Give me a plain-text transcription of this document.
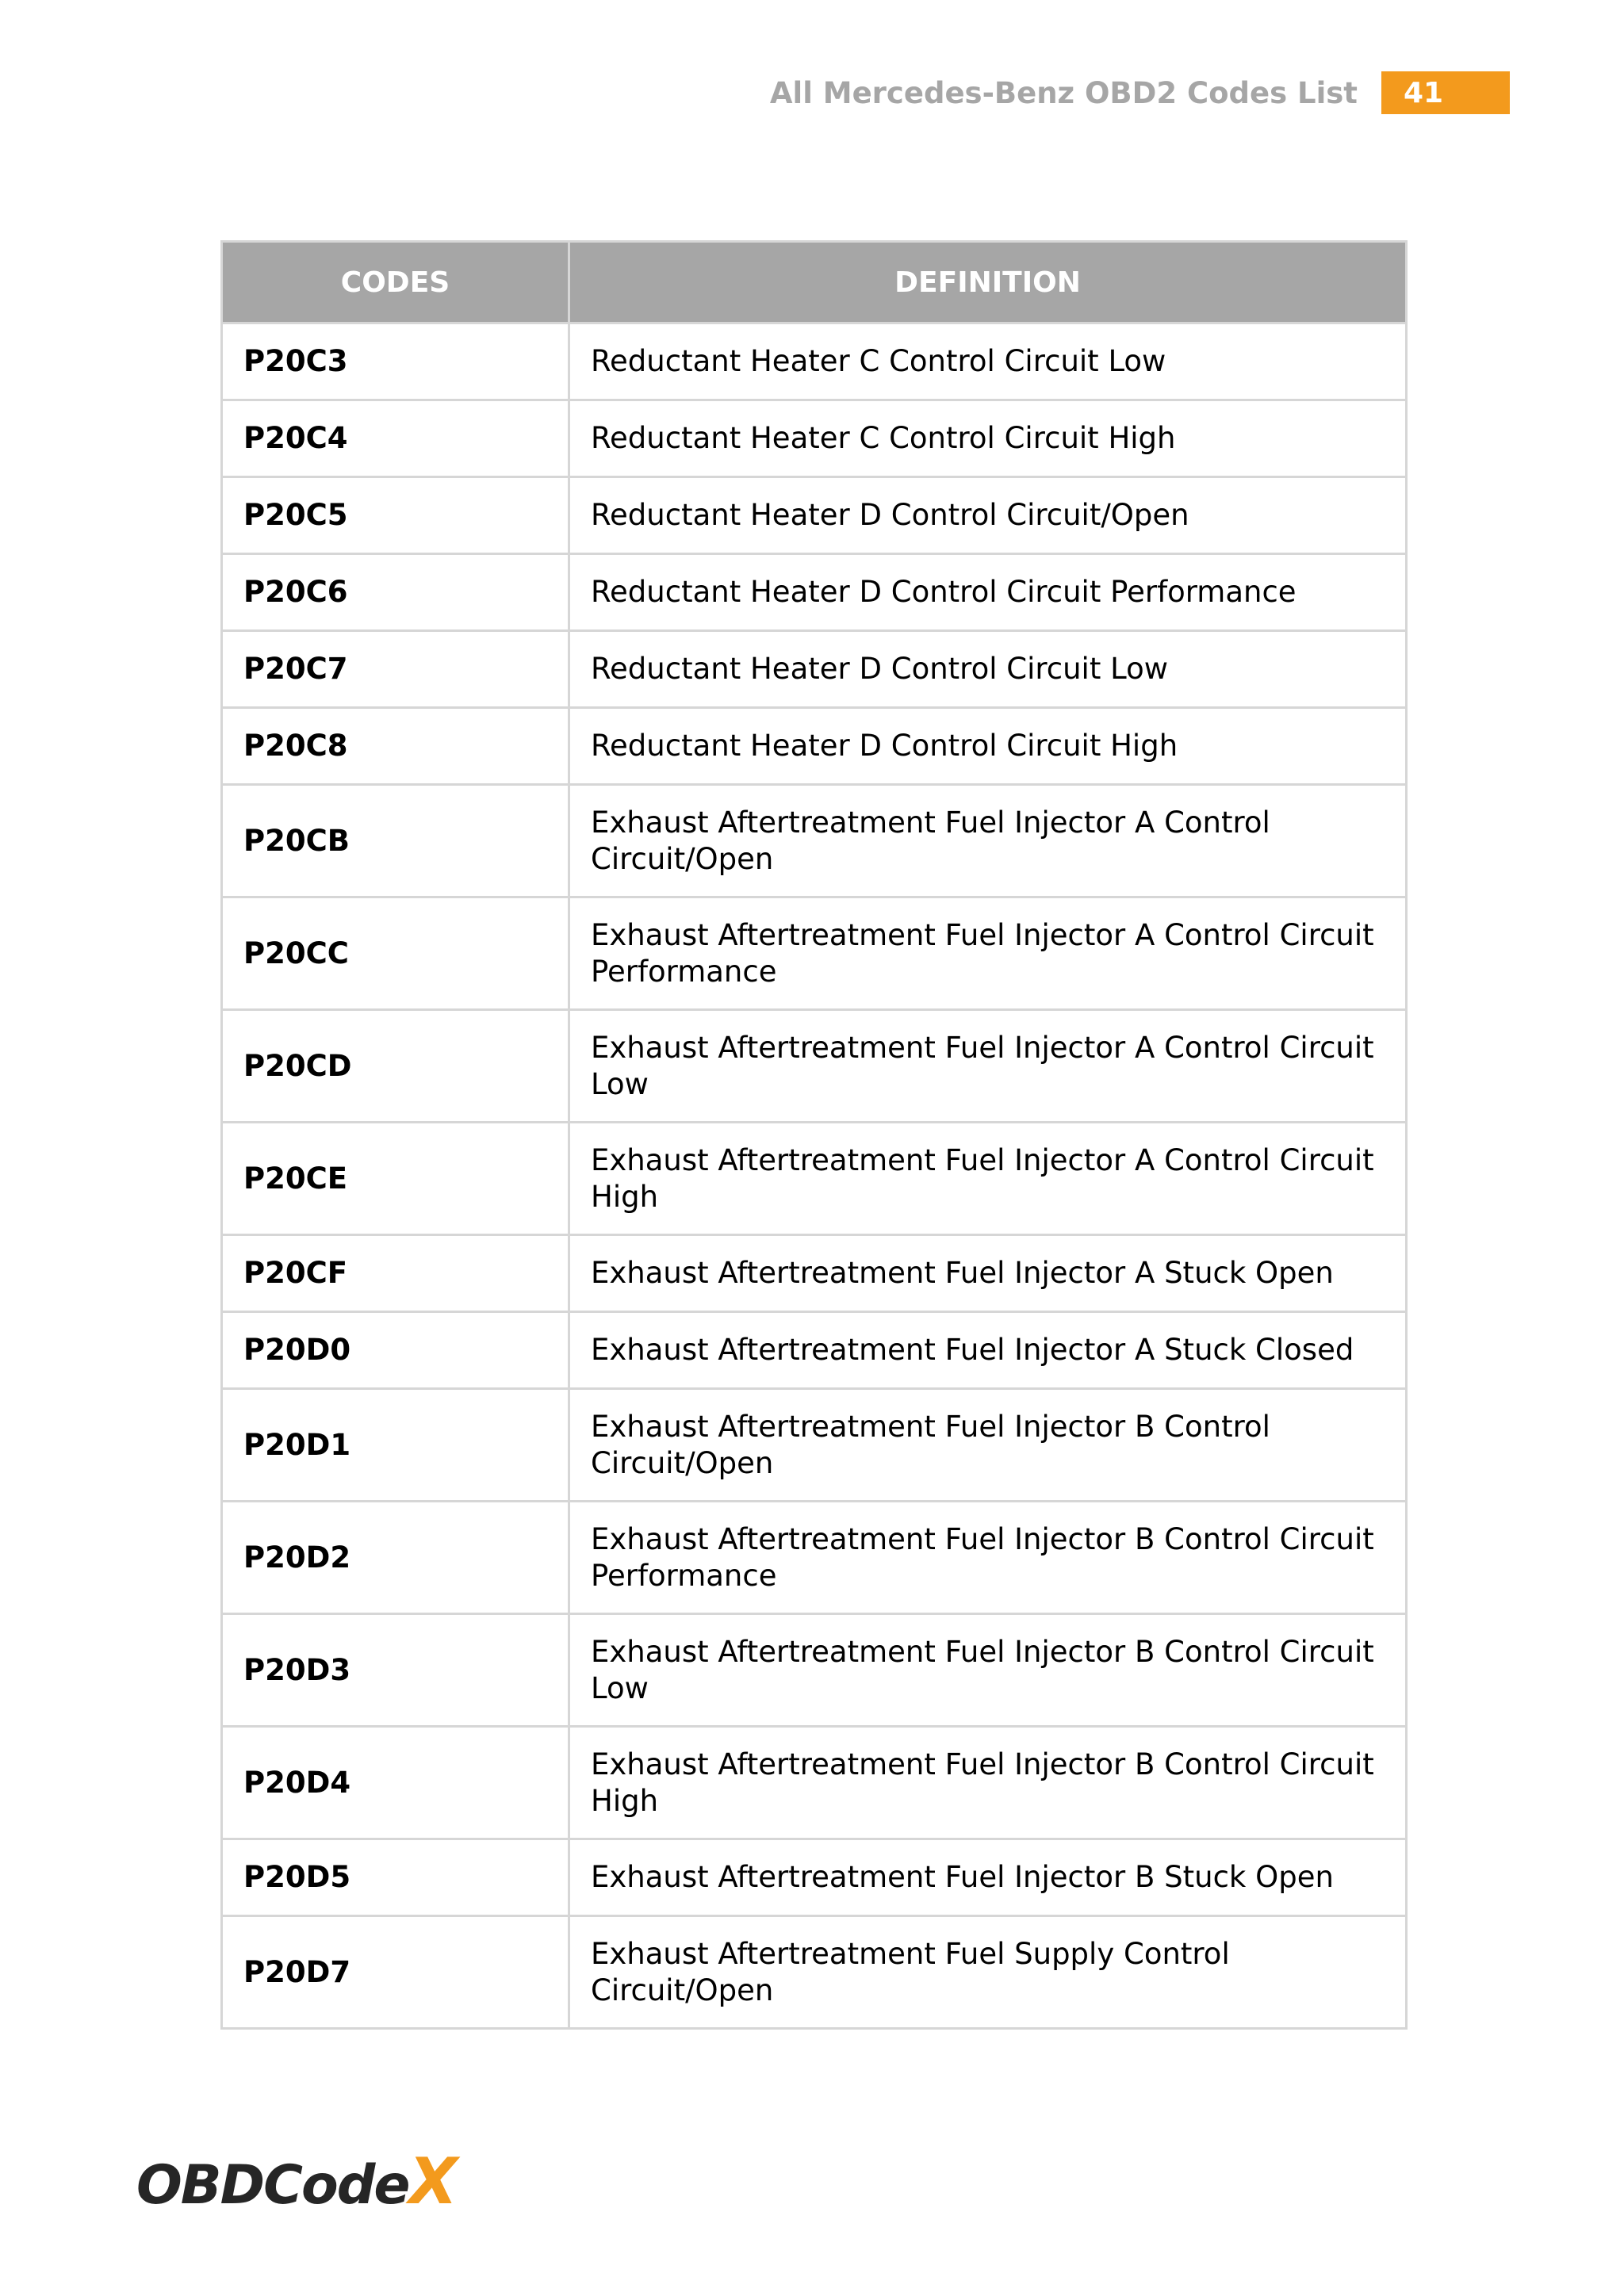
All Mercedes-Benz OBD2 Codes List	41
CODES	DEFINITION
P20C3	Reductant Heater C Control Circuit Low
P20C4	Reductant Heater C Control Circuit High
P20C5	Reductant Heater D Control Circuit/Open
P20C6	Reductant Heater D Control Circuit Performance
P20C7	Reductant Heater D Control Circuit Low
P20C8	Reductant Heater D Control Circuit High
P20CB	Exhaust Aftertreatment Fuel Injector A Control Circuit/Open
P20CC	Exhaust Aftertreatment Fuel Injector A Control Circuit Performance
P20CD	Exhaust Aftertreatment Fuel Injector A Control Circuit Low
P20CE	Exhaust Aftertreatment Fuel Injector A Control Circuit High
P20CF	Exhaust Aftertreatment Fuel Injector A Stuck Open
P20D0	Exhaust Aftertreatment Fuel Injector A Stuck Closed
P20D1	Exhaust Aftertreatment Fuel Injector B Control Circuit/Open
P20D2	Exhaust Aftertreatment Fuel Injector B Control Circuit Performance
P20D3	Exhaust Aftertreatment Fuel Injector B Control Circuit Low
P20D4	Exhaust Aftertreatment Fuel Injector B Control Circuit High
P20D5	Exhaust Aftertreatment Fuel Injector B Stuck Open
P20D7	Exhaust Aftertreatment Fuel Supply Control Circuit/Open
OBDCodeX
